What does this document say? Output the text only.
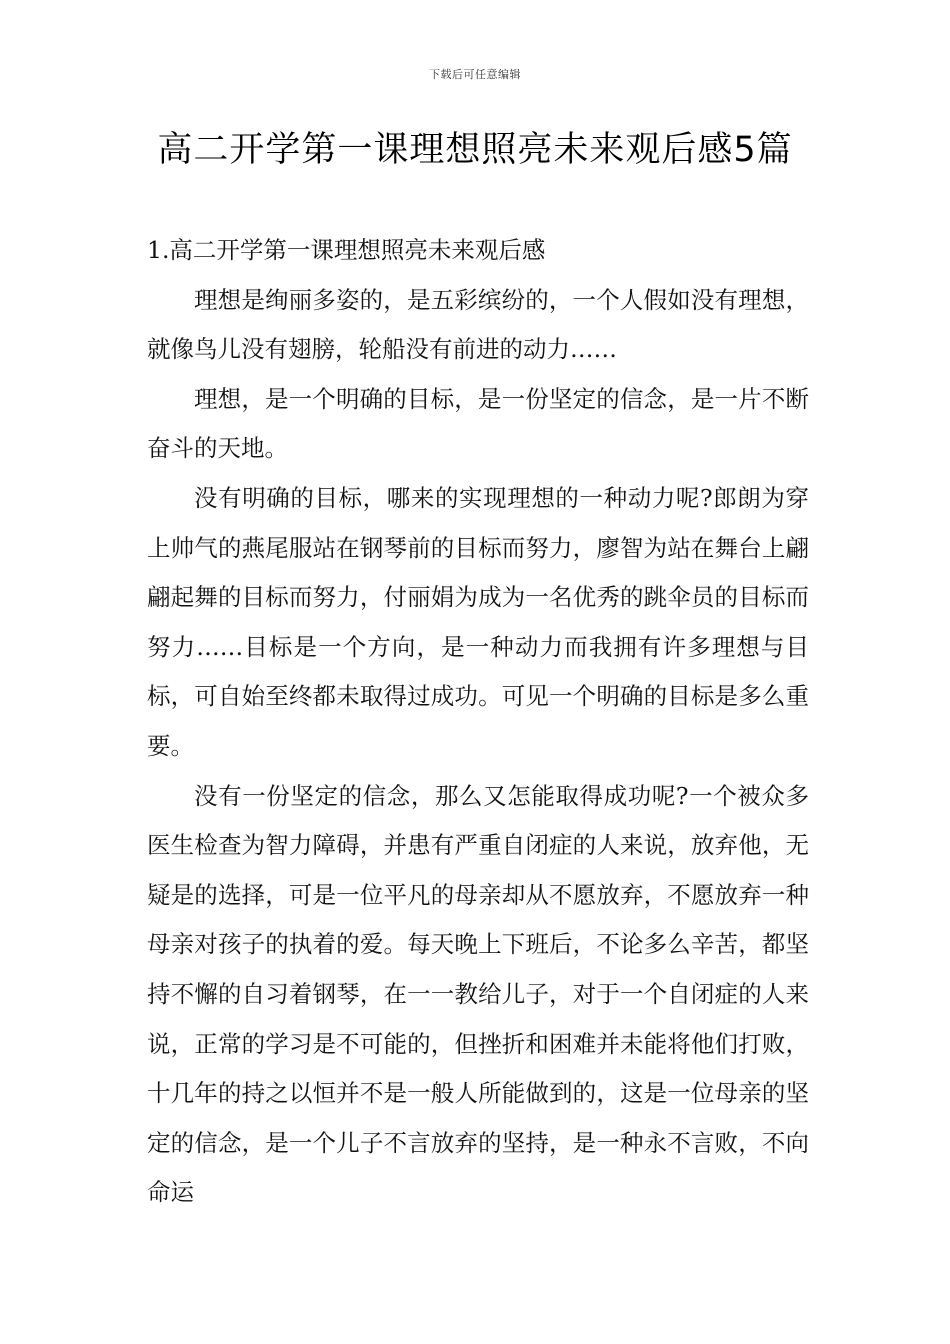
下载后可任意编辑
高二开学第一课理想照亮未来观后感5篇

1.高二开学第一课理想照亮未来观后感

理想是绚丽多姿的，是五彩缤纷的，一个人假如没有理想，就像鸟儿没有翅膀，轮船没有前进的动力……

理想，是一个明确的目标，是一份坚定的信念，是一片不断奋斗的天地。

没有明确的目标，哪来的实现理想的一种动力呢?郎朗为穿上帅气的燕尾服站在钢琴前的目标而努力，廖智为站在舞台上翩翩起舞的目标而努力，付丽娟为成为一名优秀的跳伞员的目标而努力……目标是一个方向，是一种动力而我拥有许多理想与目标，可自始至终都未取得过成功。可见一个明确的目标是多么重要。

没有一份坚定的信念，那么又怎能取得成功呢?一个被众多医生检查为智力障碍，并患有严重自闭症的人来说，放弃他，无疑是的选择，可是一位平凡的母亲却从不愿放弃，不愿放弃一种母亲对孩子的执着的爱。每天晚上下班后，不论多么辛苦，都坚持不懈的自习着钢琴，在一一教给儿子，对于一个自闭症的人来说，正常的学习是不可能的，但挫折和困难并未能将他们打败，十几年的持之以恒并不是一般人所能做到的，这是一位母亲的坚定的信念，是一个儿子不言放弃的坚持，是一种永不言败，不向命运
